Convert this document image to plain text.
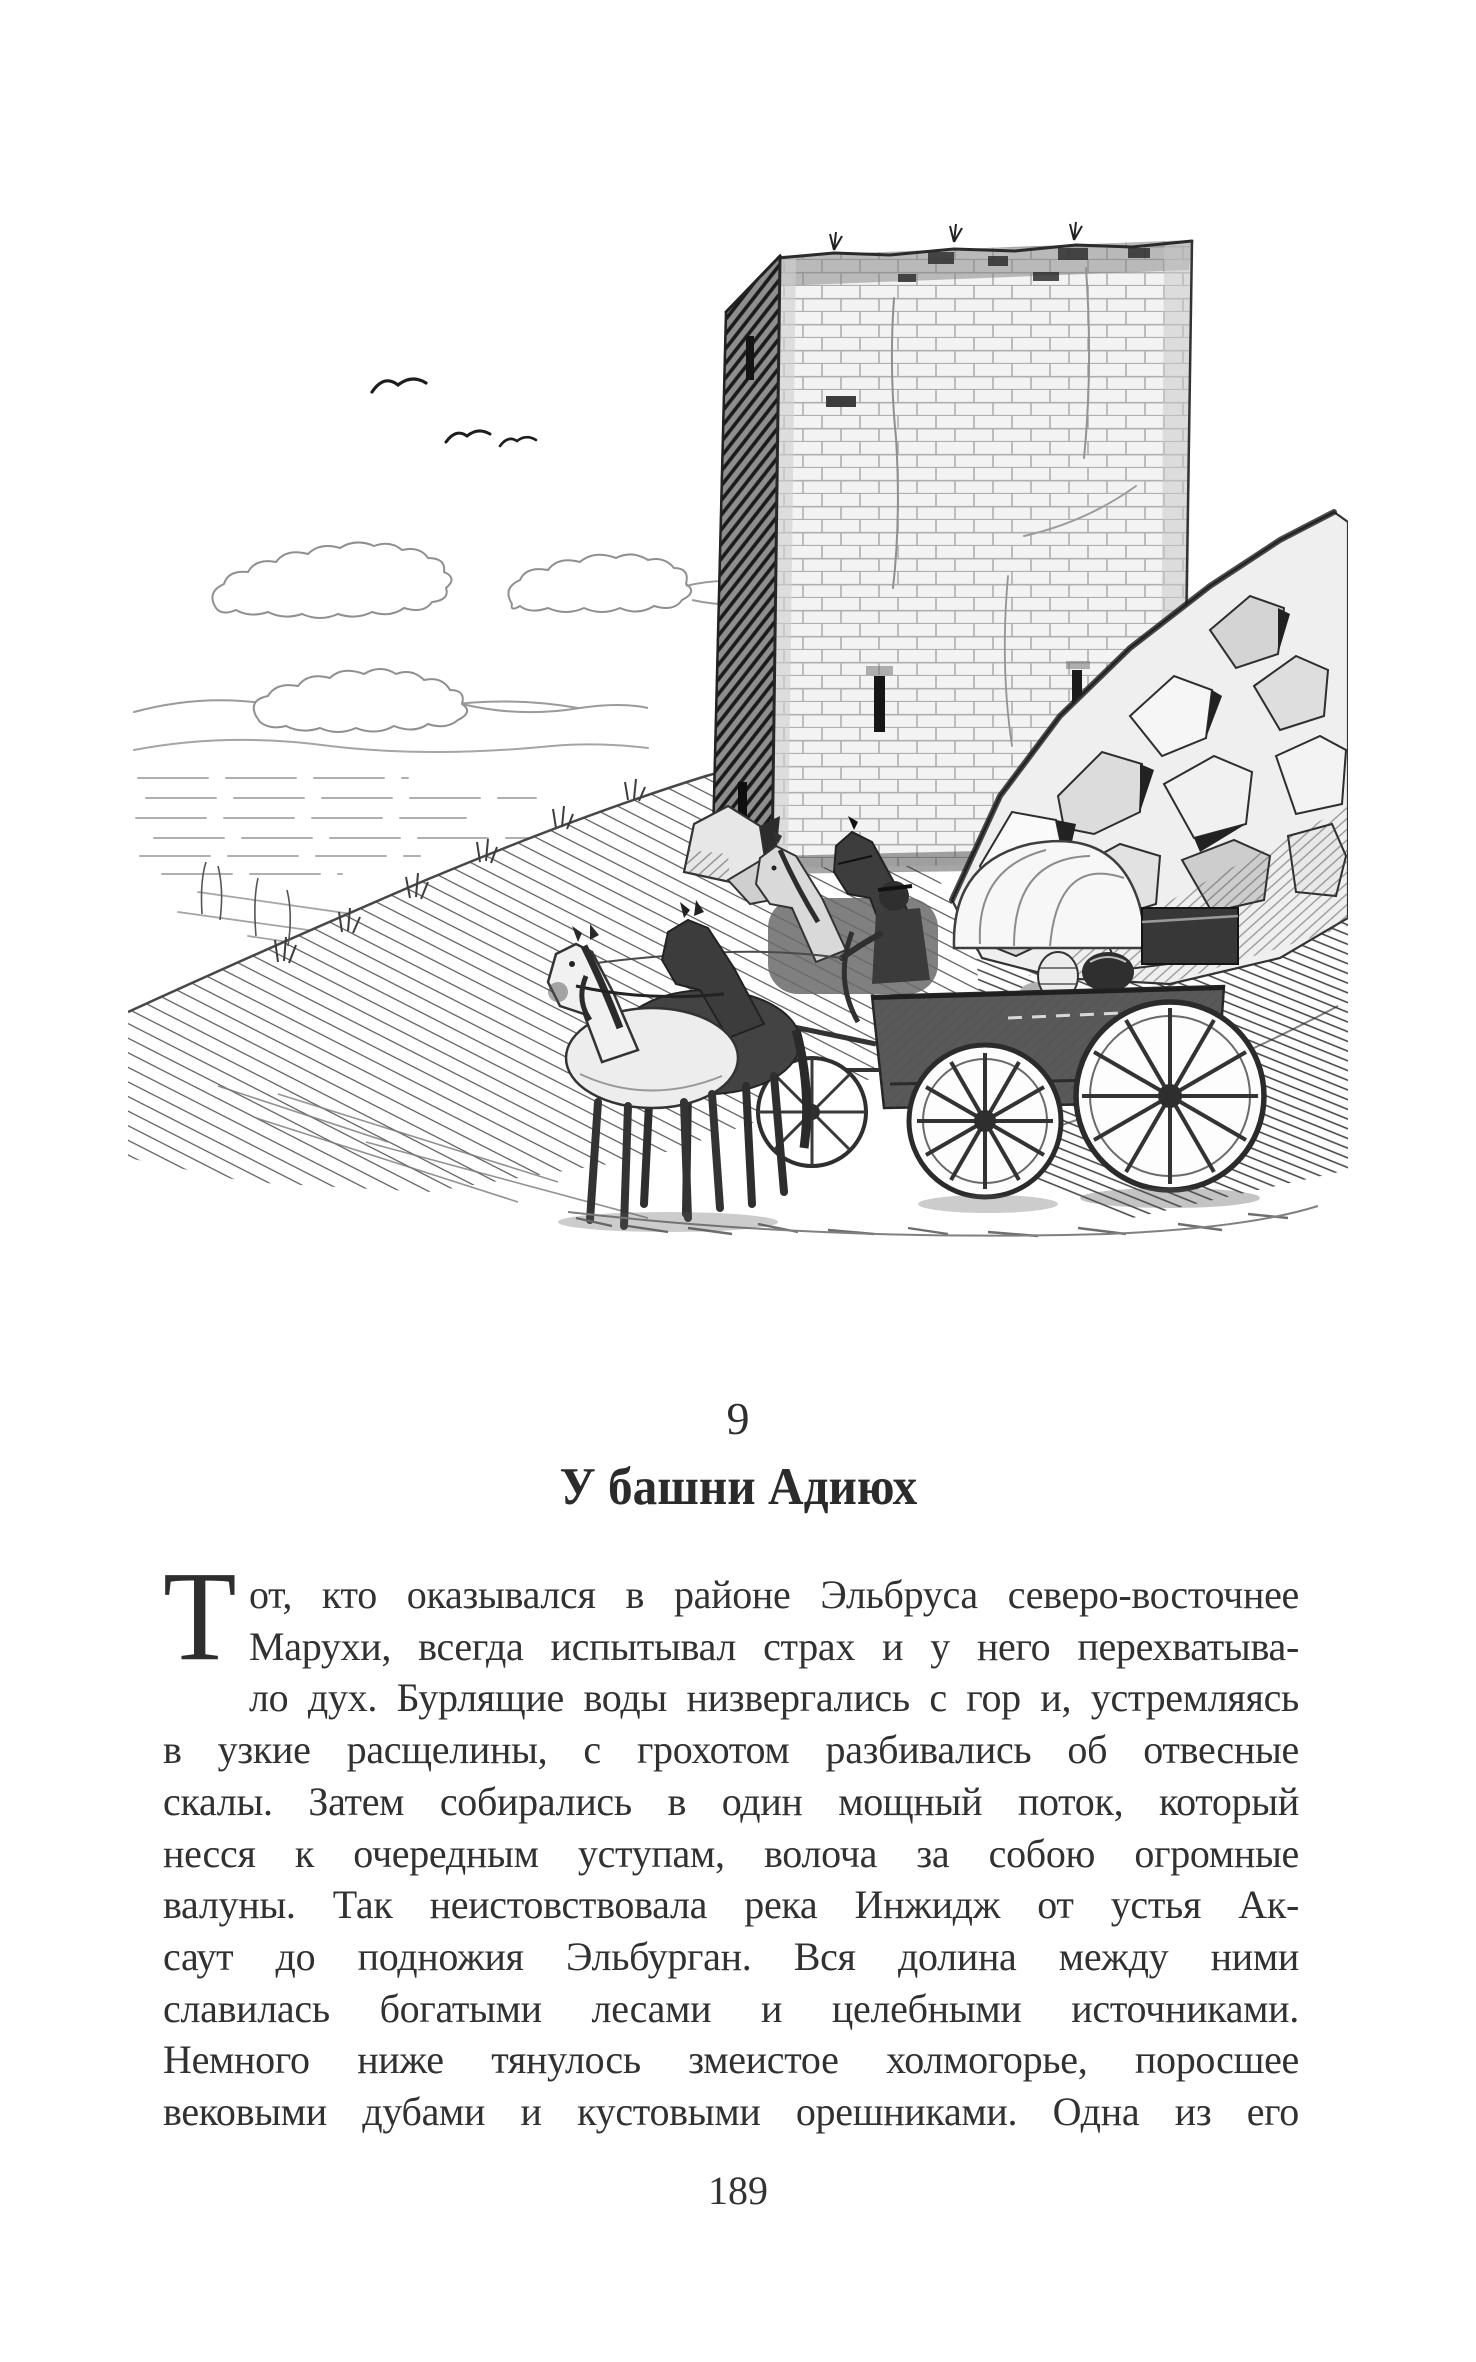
9
У башни Адиюх
Т от, кто оказывался в районе Эльбруса северо-восточнее
Марухи, всегда испытывал страх и у него перехватыва-
ло дух. Бурлящие воды низвергались с гор и, устремляясь
в узкие расщелины, с грохотом разбивались об отвесные
скалы. Затем собирались в один мощный поток, который
несся к очередным уступам, волоча за собою огромные
валуны. Так неистовствовала река Инжидж от устья Ак-
саут до подножия Эльбурган. Вся долина между ними
славилась богатыми лесами и целебными источниками.
Немного ниже тянулось змеистое холмогорье, поросшее
вековыми дубами и кустовыми орешниками. Одна из его
189
